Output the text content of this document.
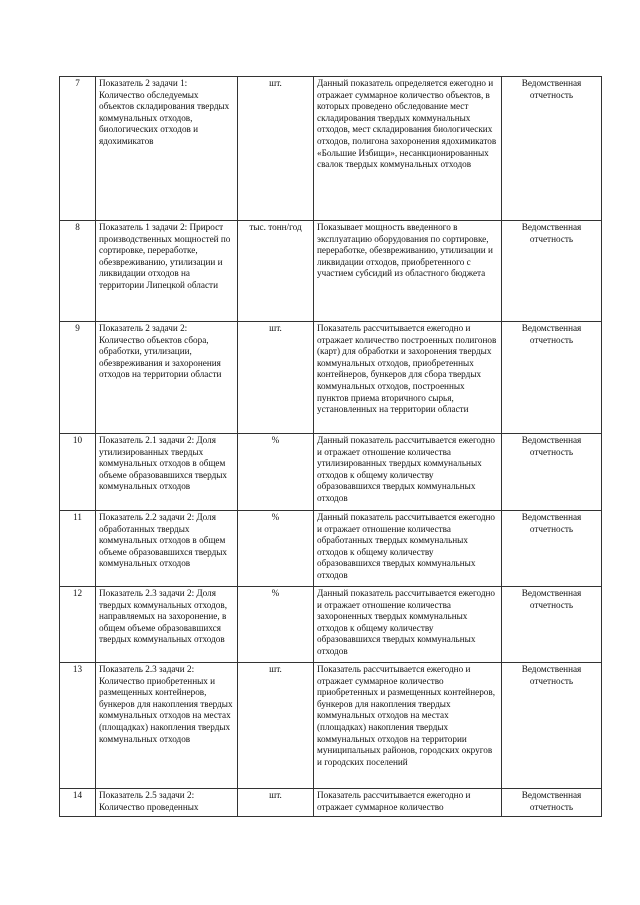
7	Показатель 2 задачи 1: Количество обследуемых объектов складирования твердых коммунальных отходов, биологических отходов и ядохимикатов	шт.	Данный показатель определяется ежегодно и отражает суммарное количество объектов, в которых проведено обследование мест складирования твердых коммунальных отходов, мест складирования биологических отходов, полигона захоронения ядохимикатов «Большие Избищи», несанкционированных свалок твердых коммунальных отходов	Ведомственная отчетность
8	Показатель 1 задачи 2: Прирост производственных мощностей по сортировке, переработке, обезвреживанию, утилизации и ликвидации отходов на территории Липецкой области	тыс. тонн/год	Показывает мощность введенного в эксплуатацию оборудования по сортировке, переработке, обезвреживанию, утилизации и ликвидации отходов, приобретенного с участием субсидий из областного бюджета	Ведомственная отчетность
9	Показатель 2 задачи 2: Количество объектов сбора, обработки, утилизации, обезвреживания и захоронения отходов на территории области	шт.	Показатель рассчитывается ежегодно и отражает количество построенных полигонов (карт) для обработки и захоронения твердых коммунальных отходов, приобретенных контейнеров, бункеров для сбора твердых коммунальных отходов, построенных пунктов приема вторичного сырья, установленных на территории области	Ведомственная отчетность
10	Показатель 2.1 задачи 2: Доля утилизированных твердых коммунальных отходов в общем объеме образовавшихся твердых коммунальных отходов	%	Данный показатель рассчитывается ежегодно и отражает отношение количества утилизированных твердых коммунальных отходов к общему количеству образовавшихся твердых коммунальных отходов	Ведомственная отчетность
11	Показатель 2.2 задачи 2: Доля обработанных твердых коммунальных отходов в общем объеме образовавшихся твердых коммунальных отходов	%	Данный показатель рассчитывается ежегодно и отражает отношение количества обработанных твердых коммунальных отходов к общему количеству образовавшихся твердых коммунальных отходов	Ведомственная отчетность
12	Показатель 2.3 задачи 2: Доля твердых коммунальных отходов, направляемых на захоронение, в общем объеме образовавшихся твердых коммунальных отходов	%	Данный показатель рассчитывается ежегодно и отражает отношение количества захороненных твердых коммунальных отходов к общему количеству образовавшихся твердых коммунальных отходов	Ведомственная отчетность
13	Показатель 2.3 задачи 2: Количество приобретенных и размещенных контейнеров, бункеров для накопления твердых коммунальных отходов на местах (площадках) накопления твердых коммунальных отходов	шт.	Показатель рассчитывается ежегодно и отражает суммарное количество приобретенных и размещенных контейнеров, бункеров для накопления твердых коммунальных отходов на местах (площадках) накопления твердых коммунальных отходов на территории муниципальных районов, городских округов и городских поселений	Ведомственная отчетность
14	Показатель 2.5 задачи 2: Количество проведенных	шт.	Показатель рассчитывается ежегодно и отражает суммарное количество	Ведомственная отчетность
